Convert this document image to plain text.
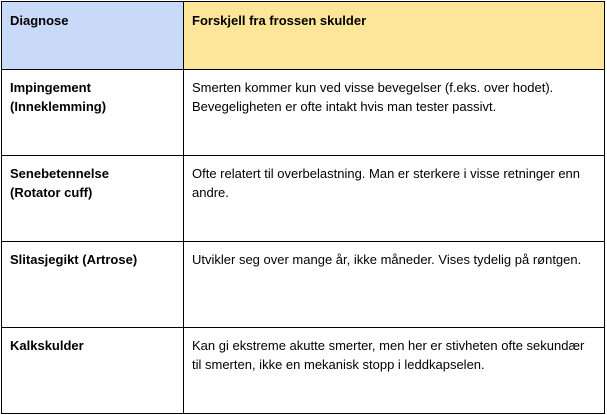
Diagnose	Forskjell fra frossen skulder
Impingement
(Inneklemming)	Smerten kommer kun ved visse bevegelser (f.eks. over hodet). Bevegeligheten er ofte intakt hvis man tester passivt.
Senebetennelse
(Rotator cuff)	Ofte relatert til overbelastning. Man er sterkere i visse retninger enn andre.
Slitasjegikt (Artrose)	Utvikler seg over mange år, ikke måneder. Vises tydelig på røntgen.
Kalkskulder	Kan gi ekstreme akutte smerter, men her er stivheten ofte sekundær til smerten, ikke en mekanisk stopp i leddkapselen.
